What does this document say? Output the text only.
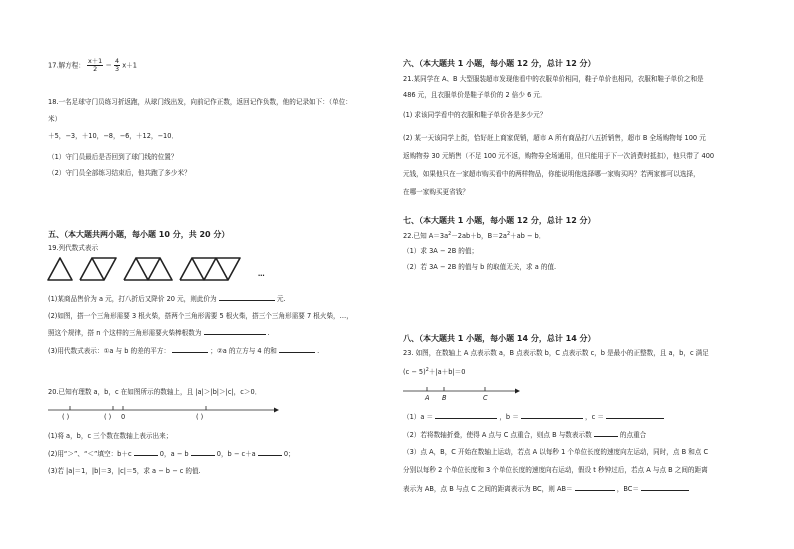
17.解方程： $\frac{x+1}{2} = \frac{4}{3} x+1$
18.一名足球守门员练习折返跑，从球门线出发，向前记作正数，返回记作负数，他的记录如下：（单位：
米）
＋5，−3，＋10，−8，−6，＋12，−10．
（1）守门员最后是否回到了球门线的位置？
（2）守门员全部练习结束后，他共跑了多少米？
五、（本大题共两小题，每小题 10 分，共 20 分）
19.列代数式表示
…
(1)某商品售价为 a 元，打八折后又降价 20 元，则此价为	元.
(2)如图，搭一个三角形需要 3 根火柴，搭两个三角形需要 5 根火柴，搭三个三角形需要 7 根火柴，…，
照这个规律，搭 n 个这样的三角形需要火柴棒根数为	.
(3)用代数式表示：①a 与 b 的差的平方：	；②a 的立方与 4 的和	.
20.已知有理数 a，b，c 在如图所示的数轴上，且 |a|＞|b|＞|c|，c＞0．
( )	( ) 0	( )
(1)将 a，b，c 三个数在数轴上表示出来；
(2)用“＞”、“＜”填空：b＋c	0，a − b	0，b − c＋a	0；
(3)若 |a|＝1，|b|＝3，|c|＝5，求 a − b − c 的值.
六、（本大题共 1 小题，每小题 12 分，总计 12 分）
21.某同学在 A、B 大型服装超市发现他看中的衣服单价相同，鞋子单价也相同，衣服和鞋子单价之和是
486 元，且衣服单价是鞋子单价的 2 倍少 6 元．
(1) 求该同学看中的衣服和鞋子单价各是多少元？
(2) 某一天该同学上街，恰好赶上商家促销，超市 A 所有商品打八五折销售，超市 B 全场购物每 100 元
返购物券 30 元销售（不足 100 元不返，购物券全场通用，但只能用于下一次消费时抵扣），他只带了 400
元钱，如果他只在一家超市购买看中的两样物品，你能说明他选择哪一家购买吗？若两家都可以选择，
在哪一家购买更省钱？
七、（本大题共 1 小题，每小题 12 分，总计 12 分）
22.已知 $A=3a^2-2ab+b$，$B=2a^2+ab - b$．
（1）求 3A − 2B 的值；
（2）若 3A − 2B 的值与 b 的取值无关，求 a 的值.
八、（本大题共 1 小题，每小题 14 分，总计 14 分）
23. 如图，在数轴上 A 点表示数 a，B 点表示数 b，C 点表示数 c，b 是最小的正整数，且 a，b，c 满足
$(c - 5)^2+|a+b|=0$
A B	C
（1）a ＝	，b ＝	，c ＝
（2）若将数轴折叠，使得 A 点与 C 点重合，则点 B 与数表示数	的点重合
（3）点 A，B，C 开始在数轴上运动，若点 A 以每秒 1 个单位长度的速度向左运动，同时，点 B 和点 C
分别以每秒 2 个单位长度和 3 个单位长度的速度向右运动，假设 t 秒钟过后，若点 A 与点 B 之间的距离
表示为 AB，点 B 与点 C 之间的距离表示为 BC，则 AB＝	，BC＝
